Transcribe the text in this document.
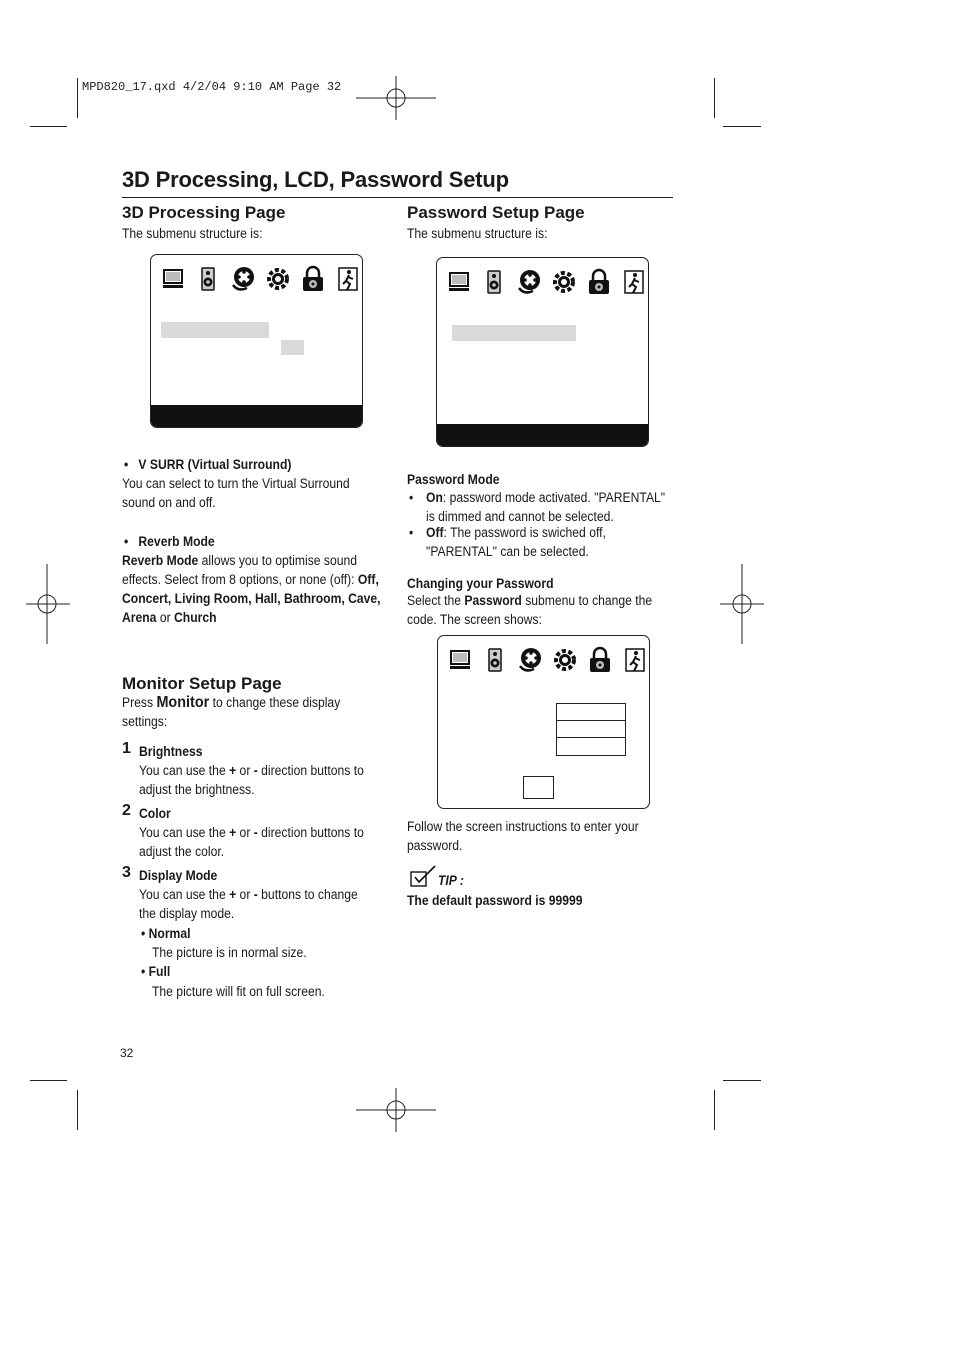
MPD820_17.qxd 4/2/04 9:10 AM Page 32
3D Processing, LCD, Password Setup
3D Processing Page
The submenu structure is:
• V SURR (Virtual Surround)
You can select to turn the Virtual Surround sound on and off.
• Reverb Mode
Reverb Mode allows you to optimise sound effects. Select from 8 options, or none (off): Off, Concert, Living Room, Hall, Bathroom, Cave, Arena or Church
Monitor Setup Page
Press Monitor to change these display settings:
1 Brightness
You can use the + or - direction buttons to adjust the brightness.
2 Color
You can use the + or - direction buttons to adjust the color.
3 Display Mode
You can use the + or - buttons to change the display mode.
• Normal
The picture is in normal size.
• Full
The picture will fit on full screen.
Password Setup Page
The submenu structure is:
Password Mode
• On: password mode activated. "PARENTAL" is dimmed and cannot be selected.
• Off: The password is swiched off, "PARENTAL" can be selected.
Changing your Password
Select the Password submenu to change the code. The screen shows:
Follow the screen instructions to enter your password.
TIP :
The default password is 99999
32
